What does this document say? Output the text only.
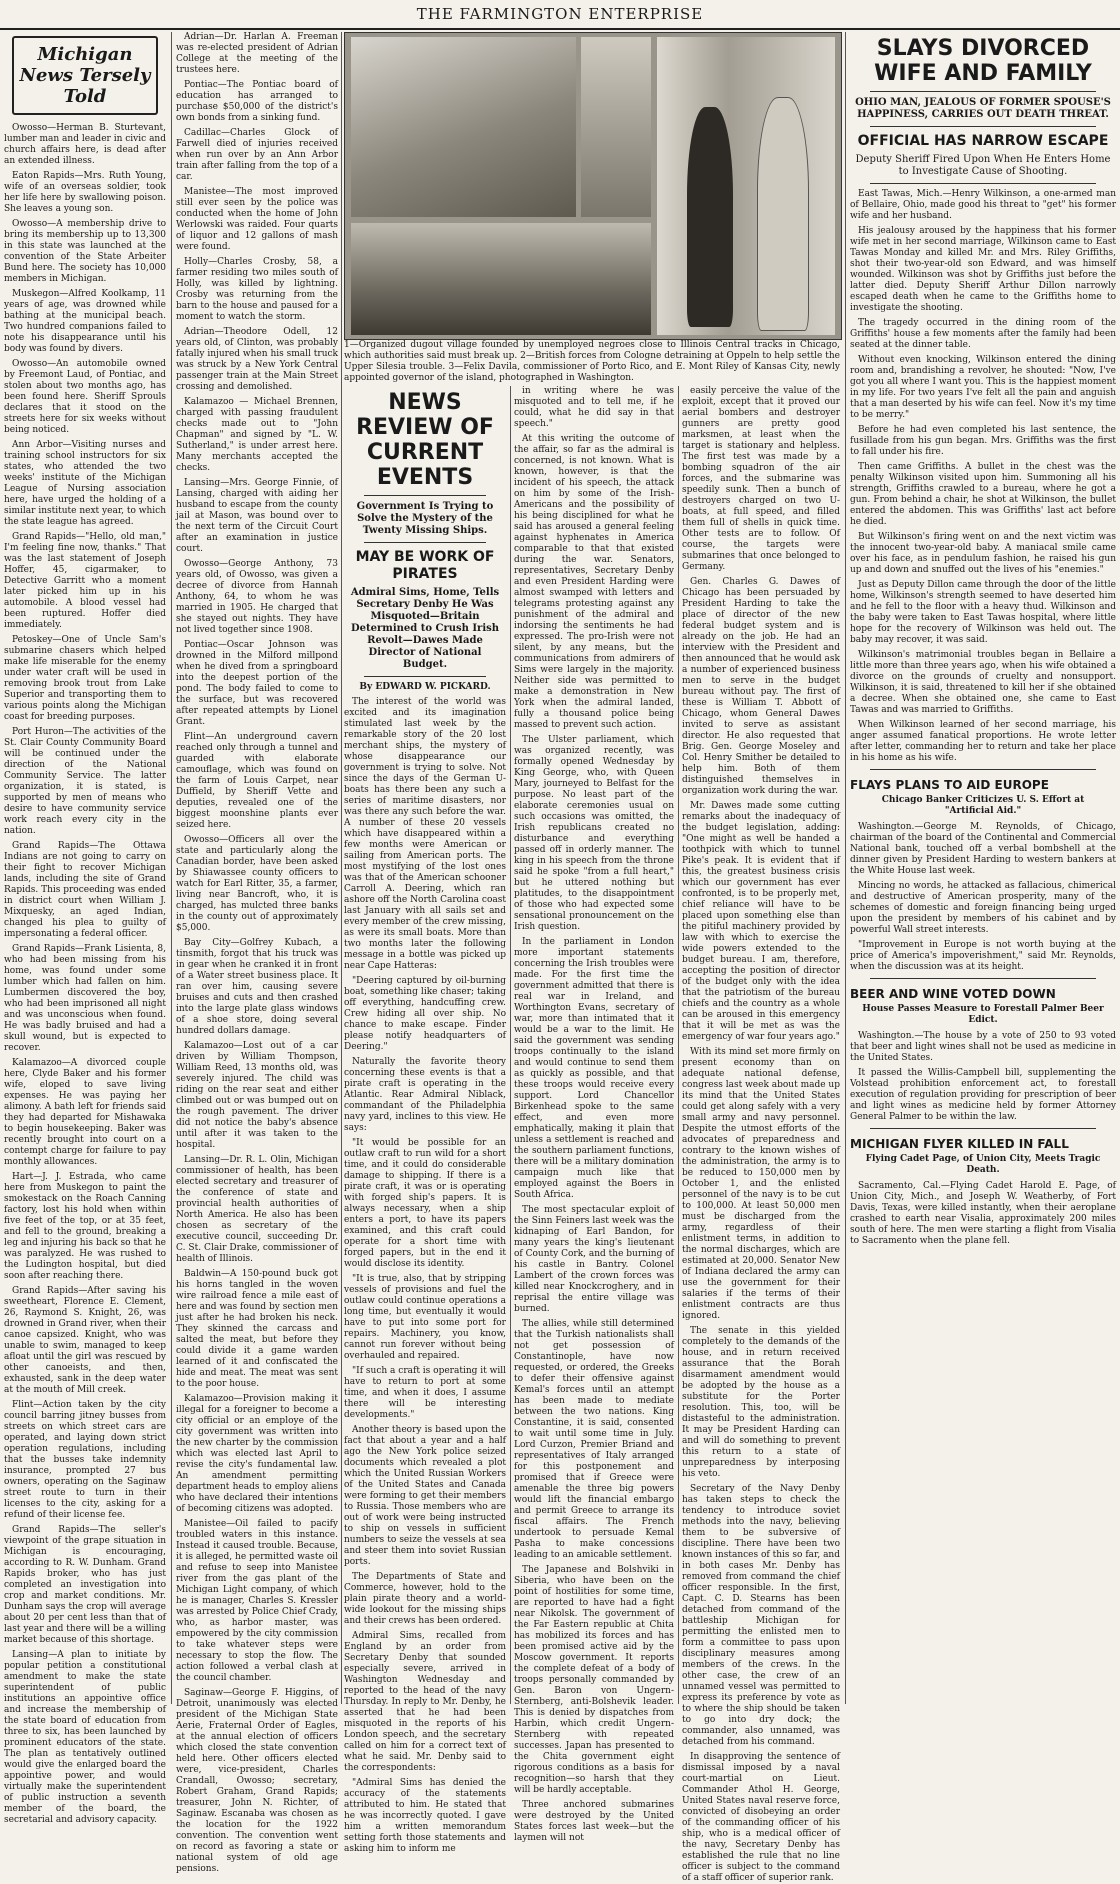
THE FARMINGTON ENTERPRISE
Michigan News Tersely Told

Owosso—Herman B. Sturtevant, lumber man and leader in civic and church affairs here, is dead after an extended illness.

Eaton Rapids—Mrs. Ruth Young, wife of an overseas soldier, took her life here by swallowing poison. She leaves a young son.

Owosso—A membership drive to bring its membership up to 13,300 in this state was launched at the convention of the State Arbeiter Bund here. The society has 10,000 members in Michigan.

Muskegon—Alfred Koolkamp, 11 years of age, was drowned while bathing at the municipal beach. Two hundred companions failed to note his disappearance until his body was found by divers.

Owosso—An automobile owned by Freemont Laud, of Pontiac, and stolen about two months ago, has been found here. Sheriff Sprouls declares that it stood on the streets here for six weeks without being noticed.

Ann Arbor—Visiting nurses and training school instructors for six states, who attended the two weeks' institute of the Michigan League of Nursing association here, have urged the holding of a similar institute next year, to which the state league has agreed.

Grand Rapids—"Hello, old man," I'm feeling fine now, thanks." That was the last statement of Joseph Hoffer, 45, cigarmaker, to Detective Garritt who a moment later picked him up in his automobile. A blood vessel had been ruptured. Hoffer died immediately.

Petoskey—One of Uncle Sam's submarine chasers which helped make life miserable for the enemy under water craft will be used in removing brook trout from Lake Superior and transporting them to various points along the Michigan coast for breeding purposes.

Port Huron—The activities of the St. Clair County Community Board will be continued under the direction of the National Community Service. The latter organization, it is stated, is supported by men of means who desire to have community service work reach every city in the nation.

Grand Rapids—The Ottawa Indians are not going to carry on their fight to recover Michigan lands, including the site of Grand Rapids. This proceeding was ended in district court when William J. Mixquesky, an aged Indian, changed his plea to guilty of impersonating a federal officer.

Grand Rapids—Frank Lisienta, 8, who had been missing from his home, was found under some lumber which had fallen on him. Lumbermen discovered the boy, who had been imprisoned all night and was unconscious when found. He was badly bruised and had a skull wound, but is expected to recover.

Kalamazoo—A divorced couple here, Clyde Baker and his former wife, eloped to save living expenses. He was paying her alimony. A bath left for friends said they had departed for Mishawaka to begin housekeeping. Baker was recently brought into court on a contempt charge for failure to pay monthly allowances.

Hart—J. J. Estrada, who came here from Muskegon to paint the smokestack on the Roach Canning factory, lost his hold when within five feet of the top, or at 35 feet, and fell to the ground, breaking a leg and injuring his back so that he was paralyzed. He was rushed to the Ludington hospital, but died soon after reaching there.

Grand Rapids—After saving his sweetheart, Florence E. Clement, 26, Raymond S. Knight, 26, was drowned in Grand river, when their canoe capsized. Knight, who was unable to swim, managed to keep afloat until the girl was rescued by other canoeists, and then, exhausted, sank in the deep water at the mouth of Mill creek.

Flint—Action taken by the city council barring jitney busses from streets on which street cars are operated, and laying down strict operation regulations, including that the busses take indemnity insurance, prompted 27 bus owners, operating on the Saginaw street route to turn in their licenses to the city, asking for a refund of their license fee.

Grand Rapids—The seller's viewpoint of the grape situation in Michigan is encouraging, according to R. W. Dunham. Grand Rapids broker, who has just completed an investigation into crop and market conditions. Mr. Dunham says the crop will average about 20 per cent less than that of last year and there will be a willing market because of this shortage.

Lansing—A plan to initiate by popular petition a constitutional amendment to make the state superintendent of public institutions an appointive office and increase the membership of the state board of education from three to six, has been launched by prominent educators of the state. The plan as tentatively outlined would give the enlarged board the appointive power, and would virtually make the superintendent of public instruction a seventh member of the board, the secretarial and advisory capacity.

Adrian—Dr. Harlan A. Freeman was re-elected president of Adrian College at the meeting of the trustees here.

Pontiac—The Pontiac board of education has arranged to purchase $50,000 of the district's own bonds from a sinking fund.

Cadillac—Charles Glock of Farwell died of injuries received when run over by an Ann Arbor train after falling from the top of a car.

Manistee—The most improved still ever seen by the police was conducted when the home of John Werlowski was raided. Four quarts of liquor and 12 gallons of mash were found.

Holly—Charles Crosby, 58, a farmer residing two miles south of Holly, was killed by lightning. Crosby was returning from the barn to the house and paused for a moment to watch the storm.

Adrian—Theodore Odell, 12 years old, of Clinton, was probably fatally injured when his small truck was struck by a New York Central passenger train at the Main Street crossing and demolished.

Kalamazoo — Michael Brennen, charged with passing fraudulent checks made out to "John Chapman" and signed by "L. W. Sutherland," is under arrest here. Many merchants accepted the checks.

Lansing—Mrs. George Finnie, of Lansing, charged with aiding her husband to escape from the county jail at Mason, was bound over to the next term of the Circuit Court after an examination in justice court.

Owosso—George Anthony, 73 years old, of Owosso, was given a decree of divorce from Hannah Anthony, 64, to whom he was married in 1905. He charged that she stayed out nights. They have not lived together since 1908.

Pontiac—Oscar Johnson was drowned in the Milford millpond when he dived from a springboard into the deepest portion of the pond. The body failed to come to the surface, but was recovered after repeated attempts by Lionel Grant.

Flint—An underground cavern reached only through a tunnel and guarded with elaborate camouflage, which was found on the farm of Louis Carpet, near Duffield, by Sheriff Vette and deputies, revealed one of the biggest moonshine plants ever seized here.

Owosso—Officers all over the state and particularly along the Canadian border, have been asked by Shiawassee county officers to watch for Earl Ritter, 35, a farmer, living near Bancroft, who, it is charged, has mulcted three banks in the county out of approximately $5,000.

Bay City—Golfrey Kubach, a tinsmith, forgot that his truck was in gear when he cranked it in front of a Water street business place. It ran over him, causing severe bruises and cuts and then crashed into the large plate glass windows of a shoe store, doing several hundred dollars damage.

Kalamazoo—Lost out of a car driven by William Thompson, William Reed, 13 months old, was severely injured. The child was riding on the rear seat and either climbed out or was bumped out on the rough pavement. The driver did not notice the baby's absence until after it was taken to the hospital.

Lansing—Dr. R. L. Olin, Michigan commissioner of health, has been elected secretary and treasurer of the conference of state and provincial health authorities of North America. He also has been chosen as secretary of the executive council, succeeding Dr. C. St. Clair Drake, commissioner of health of Illinois.

Baldwin—A 150-pound buck got his horns tangled in the woven wire railroad fence a mile east of here and was found by section men just after he had broken his neck. They skinned the carcass and salted the meat, but before they could divide it a game warden learned of it and confiscated the hide and meat. The meat was sent to the poor house.

Kalamazoo—Provision making it illegal for a foreigner to become a city official or an employe of the city government was written into the new charter by the commission which was elected last April to revise the city's fundamental law. An amendment permitting department heads to employ aliens who have declared their intentions of becoming citizens was adopted.

Manistee—Oil failed to pacify troubled waters in this instance. Instead it caused trouble. Because, it is alleged, he permitted waste oil and refuse to seep into Manistee river from the gas plant of the Michigan Light company, of which he is manager, Charles S. Kressler was arrested by Police Chief Crady, who, as harbor master, was empowered by the city commission to take whatever steps were necessary to stop the flow. The action followed a verbal clash at the council chamber.

Saginaw—George F. Higgins, of Detroit, unanimously was elected president of the Michigan State Aerie, Fraternal Order of Eagles, at the annual election of officers which closed the state convention held here. Other officers elected were, vice-president, Charles Crandall, Owosso; secretary, Robert Graham, Grand Rapids; treasurer, John N. Richter, of Saginaw. Escanaba was chosen as the location for the 1922 convention. The convention went on record as favoring a state or national system of old age pensions.

1—Organized dugout village founded by unemployed negroes close to Illinois Central tracks in Chicago, which authorities said must break up. 2—British forces from Cologne detraining at Oppeln to help settle the Upper Silesia trouble. 3—Felix Davila, commissioner of Porto Rico, and E. Mont Riley of Kansas City, newly appointed governor of the island, photographed in Washington.
NEWS REVIEW OF CURRENT EVENTS
Government Is Trying to Solve the Mystery of the Twenty Missing Ships.
MAY BE WORK OF PIRATES
Admiral Sims, Home, Tells Secretary Denby He Was Misquoted—Britain Determined to Crush Irish Revolt—Dawes Made Director of National Budget.
By EDWARD W. PICKARD.

The interest of the world was excited and its imagination stimulated last week by the remarkable story of the 20 lost merchant ships, the mystery of whose disappearance our government is trying to solve. Not since the days of the German U-boats has there been any such a series of maritime disasters, nor was there any such before the war. A number of these 20 vessels which have disappeared within a few months were American or sailing from American ports. The most mystifying of the lost ones was that of the American schooner Carroll A. Deering, which ran ashore off the North Carolina coast last January with all sails set and every member of the crew missing, as were its small boats. More than two months later the following message in a bottle was picked up near Cape Hatteras:

"Deering captured by oil-burning boat, something like chaser; taking off everything, handcuffing crew. Crew hiding all over ship. No chance to make escape. Finder please notify headquarters of Deering."

Naturally the favorite theory concerning these events is that a pirate craft is operating in the Atlantic. Rear Admiral Niblack, commandant of the Philadelphia navy yard, inclines to this view. He says:

"It would be possible for an outlaw craft to run wild for a short time, and it could do considerable damage to shipping. If there is a pirate craft, it was or is operating with forged ship's papers. It is always necessary, when a ship enters a port, to have its papers examined, and this craft could operate for a short time with forged papers, but in the end it would disclose its identity.

"It is true, also, that by stripping vessels of provisions and fuel the outlaw could continue operations a long time, but eventually it would have to put into some port for repairs. Machinery, you know, cannot run forever without being overhauled and repaired.

"If such a craft is operating it will have to return to port at some time, and when it does, I assume there will be interesting developments."

Another theory is based upon the fact that about a year and a half ago the New York police seized documents which revealed a plot which the United Russian Workers of the United States and Canada were forming to get their members to Russia. Those members who are out of work were being instructed to ship on vessels in sufficient numbers to seize the vessels at sea and steer them into soviet Russian ports.

The Departments of State and Commerce, however, hold to the plain pirate theory and a world-wide lookout for the missing ships and their crews has been ordered.

Admiral Sims, recalled from England by an order from Secretary Denby that sounded especially severe, arrived in Washington Wednesday and reported to the head of the navy Thursday. In reply to Mr. Denby, he asserted that he had been misquoted in the reports of his London speech, and the secretary called on him for a correct text of what he said. Mr. Denby said to the correspondents:

"Admiral Sims has denied the accuracy of the statements attributed to him. He stated that he was incorrectly quoted. I gave him a written memorandum setting forth those statements and asking him to inform me

in writing where he was misquoted and to tell me, if he could, what he did say in that speech."

At this writing the outcome of the affair, so far as the admiral is concerned, is not known. What is known, however, is that the incident of his speech, the attack on him by some of the Irish-Americans and the possibility of his being disciplined for what he said has aroused a general feeling against hyphenates in America comparable to that that existed during the war. Senators, representatives, Secretary Denby and even President Harding were almost swamped with letters and telegrams protesting against any punishment of the admiral and indorsing the sentiments he had expressed. The pro-Irish were not silent, by any means, but the communications from admirers of Sims were largely in the majority. Neither side was permitted to make a demonstration in New York when the admiral landed, fully a thousand police being massed to prevent such action.

The Ulster parliament, which was organized recently, was formally opened Wednesday by King George, who, with Queen Mary, journeyed to Belfast for the purpose. No least part of the elaborate ceremonies usual on such occasions was omitted, the Irish republicans created no disturbance and everything passed off in orderly manner. The king in his speech from the throne said he spoke "from a full heart," but he uttered nothing but platitudes, to the disappointment of those who had expected some sensational pronouncement on the Irish question.

In the parliament in London more important statements concerning the Irish troubles were made. For the first time the government admitted that there is real war in Ireland, and Worthington Evans, secretary of war, more than intimated that it would be a war to the limit. He said the government was sending troops continually to the island and would continue to send them as quickly as possible, and that these troops would receive every support. Lord Chancellor Birkenhead spoke to the same effect, and even more emphatically, making it plain that unless a settlement is reached and the southern parliament functions, there will be a military domination campaign much like that employed against the Boers in South Africa.

The most spectacular exploit of the Sinn Feiners last week was the kidnaping of Earl Bandon, for many years the king's lieutenant of County Cork, and the burning of his castle in Bantry. Colonel Lambert of the crown forces was killed near Knockcroghery, and in reprisal the entire village was burned.

The allies, while still determined that the Turkish nationalists shall not get possession of Constantinople, have now requested, or ordered, the Greeks to defer their offensive against Kemal's forces until an attempt has been made to mediate between the two nations. King Constantine, it is said, consented to wait until some time in July. Lord Curzon, Premier Briand and representatives of Italy arranged for this postponement and promised that if Greece were amenable the three big powers would lift the financial embargo and permit Greece to arrange its fiscal affairs. The French undertook to persuade Kemal Pasha to make concessions leading to an amicable settlement.

The Japanese and Bolshviki in Siberia, who have been on the point of hostilities for some time, are reported to have had a fight near Nikolsk. The government of the Far Eastern republic at Chita has mobilized its forces and has been promised active aid by the Moscow government. It reports the complete defeat of a body of troops personally commanded by Gen. Baron von Ungern-Sternberg, anti-Bolshevik leader. This is denied by dispatches from Harbin, which credit Ungern-Sternberg with repeated successes. Japan has presented to the Chita government eight rigorous conditions as a basis for recognition—so harsh that they will be hardly acceptable.

Three anchored submarines were destroyed by the United States forces last week—but the laymen will not

easily perceive the value of the exploit, except that it proved our aerial bombers and destroyer gunners are pretty good marksmen, at least when the target is stationary and helpless. The first test was made by a bombing squadron of the air forces, and the submarine was speedily sunk. Then a bunch of destroyers charged on two U-boats, at full speed, and filled them full of shells in quick time. Other tests are to follow. Of course, the targets were submarines that once belonged to Germany.

Gen. Charles G. Dawes of Chicago has been persuaded by President Harding to take the place of director of the new federal budget system and is already on the job. He had an interview with the President and then announced that he would ask a number of experienced business men to serve in the budget bureau without pay. The first of these is William T. Abbott of Chicago, whom General Dawes invited to serve as assistant director. He also requested that Brig. Gen. George Moseley and Col. Henry Smither be detailed to help him. Both of them distinguished themselves in organization work during the war.

Mr. Dawes made some cutting remarks about the inadequacy of the budget legislation, adding: "One might as well be handed a toothpick with which to tunnel Pike's peak. It is evident that if this, the greatest business crisis which our government has ever confronted, is to be properly met, chief reliance will have to be placed upon something else than the pitiful machinery provided by law with which to exercise the wide powers extended to the budget bureau. I am, therefore, accepting the position of director of the budget only with the idea that the patriotism of the bureau chiefs and the country as a whole can be aroused in this emergency that it will be met as was the emergency of war four years ago."

With its mind set more firmly on present economy than on adequate national defense, congress last week about made up its mind that the United States could get along safely with a very small army and navy personnel. Despite the utmost efforts of the advocates of preparedness and contrary to the known wishes of the administration, the army is to be reduced to 150,000 men by October 1, and the enlisted personnel of the navy is to be cut to 100,000. At least 50,000 men must be discharged from the army, regardless of their enlistment terms, in addition to the normal discharges, which are estimated at 20,000. Senator New of Indiana declared the army can use the government for their salaries if the terms of their enlistment contracts are thus ignored.

The senate in this yielded completely to the demands of the house, and in return received assurance that the Borah disarmament amendment would be adopted by the house as a substitute for the Porter resolution. This, too, will be distasteful to the administration. It may be President Harding can and will do something to prevent this return to a state of unpreparedness by interposing his veto.

Secretary of the Navy Denby has taken steps to check the tendency to introduce soviet methods into the navy, believing them to be subversive of discipline. There have been two known instances of this so far, and in both cases Mr. Denby has removed from command the chief officer responsible. In the first, Capt. C. D. Stearns has been detached from command of the battleship Michigan for permitting the enlisted men to form a committee to pass upon disciplinary measures among members of the crews. In the other case, the crew of an unnamed vessel was permitted to express its preference by vote as to where the ship should be taken to go into dry dock; the commander, also unnamed, was detached from his command.

In disapproving the sentence of dismissal imposed by a naval court-martial on Lieut. Commander Athol H. George, United States naval reserve force, convicted of disobeying an order of the commanding officer of his ship, who is a medical officer of the navy, Secretary Denby has established the rule that no line officer is subject to the command of a staff officer of superior rank.

SLAYS DIVORCED WIFE AND FAMILY
OHIO MAN, JEALOUS OF FORMER SPOUSE'S HAPPINESS, CARRIES OUT DEATH THREAT.
OFFICIAL HAS NARROW ESCAPE
Deputy Sheriff Fired Upon When He Enters Home to Investigate Cause of Shooting.

East Tawas, Mich.—Henry Wilkinson, a one-armed man of Bellaire, Ohio, made good his threat to "get" his former wife and her husband.

His jealousy aroused by the happiness that his former wife met in her second marriage, Wilkinson came to East Tawas Monday and killed Mr. and Mrs. Riley Griffiths, shot their two-year-old son Edward, and was himself wounded. Wilkinson was shot by Griffiths just before the latter died. Deputy Sheriff Arthur Dillon narrowly escaped death when he came to the Griffiths home to investigate the shooting.

The tragedy occurred in the dining room of the Griffiths' house a few moments after the family had been seated at the dinner table.

Without even knocking, Wilkinson entered the dining room and, brandishing a revolver, he shouted: "Now, I've got you all where I want you. This is the happiest moment in my life. For two years I've felt all the pain and anguish that a man deserted by his wife can feel. Now it's my time to be merry."

Before he had even completed his last sentence, the fusillade from his gun began. Mrs. Griffiths was the first to fall under his fire.

Then came Griffiths. A bullet in the chest was the penalty Wilkinson visited upon him. Summoning all his strength, Griffiths crawled to a bureau, where he got a gun. From behind a chair, he shot at Wilkinson, the bullet entered the abdomen. This was Griffiths' last act before he died.

But Wilkinson's firing went on and the next victim was the innocent two-year-old baby. A maniacal smile came over his face, as in pendulum fashion, he raised his gun up and down and snuffed out the lives of his "enemies."

Just as Deputy Dillon came through the door of the little home, Wilkinson's strength seemed to have deserted him and he fell to the floor with a heavy thud. Wilkinson and the baby were taken to East Tawas hospital, where little hope for the recovery of Wilkinson was held out. The baby may recover, it was said.

Wilkinson's matrimonial troubles began in Bellaire a little more than three years ago, when his wife obtained a divorce on the grounds of cruelty and nonsupport. Wilkinson, it is said, threatened to kill her if she obtained a decree. When she obtained one, she came to East Tawas and was married to Griffiths.

When Wilkinson learned of her second marriage, his anger assumed fanatical proportions. He wrote letter after letter, commanding her to return and take her place in his home as his wife.

FLAYS PLANS TO AID EUROPE
Chicago Banker Criticizes U. S. Effort at "Artificial Aid."

Washington.—George M. Reynolds, of Chicago, chairman of the board of the Continental and Commercial National bank, touched off a verbal bombshell at the dinner given by President Harding to western bankers at the White House last week.

Mincing no words, he attacked as fallacious, chimerical and destructive of American prosperity, many of the schemes of domestic and foreign financing being urged upon the president by members of his cabinet and by powerful Wall street interests.

"Improvement in Europe is not worth buying at the price of America's impoverishment," said Mr. Reynolds, when the discussion was at its height.

BEER AND WINE VOTED DOWN
House Passes Measure to Forestall Palmer Beer Edict.

Washington.—The house by a vote of 250 to 93 voted that beer and light wines shall not be used as medicine in the United States.

It passed the Willis-Campbell bill, supplementing the Volstead prohibition enforcement act, to forestall execution of regulation providing for prescription of beer and light wines as medicine held by former Attorney General Palmer to be within the law.

MICHIGAN FLYER KILLED IN FALL
Flying Cadet Page, of Union City, Meets Tragic Death.

Sacramento, Cal.—Flying Cadet Harold E. Page, of Union City, Mich., and Joseph W. Weatherby, of Fort Davis, Texas, were killed instantly, when their aeroplane crashed to earth near Visalia, approximately 200 miles south of here. The men were starting a flight from Visalia to Sacramento when the plane fell.
